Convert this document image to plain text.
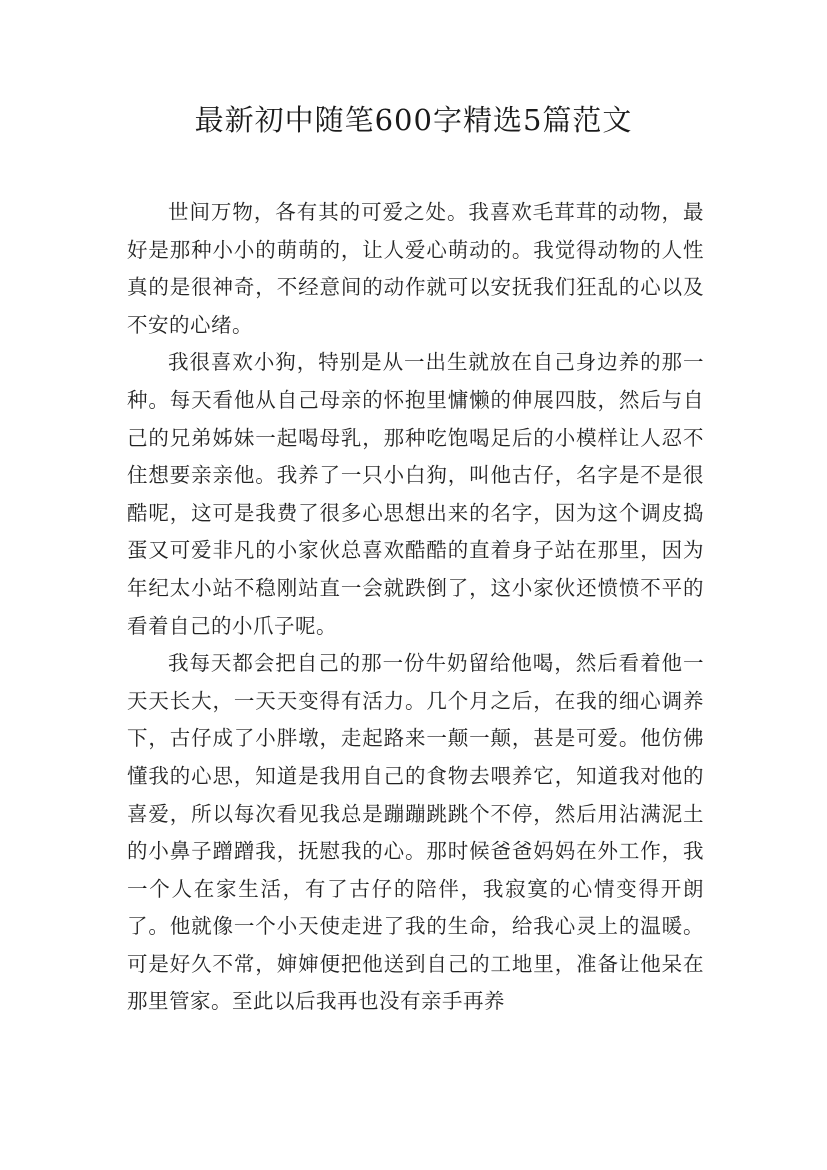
最新初中随笔600字精选5篇范文

世间万物，各有其的可爱之处。我喜欢毛茸茸的动物，最好是那种小小的萌萌的，让人爱心萌动的。我觉得动物的人性真的是很神奇，不经意间的动作就可以安抚我们狂乱的心以及不安的心绪。

我很喜欢小狗，特别是从一出生就放在自己身边养的那一种。每天看他从自己母亲的怀抱里慵懒的伸展四肢，然后与自己的兄弟姊妹一起喝母乳，那种吃饱喝足后的小模样让人忍不住想要亲亲他。我养了一只小白狗，叫他古仔，名字是不是很酷呢，这可是我费了很多心思想出来的名字，因为这个调皮捣蛋又可爱非凡的小家伙总喜欢酷酷的直着身子站在那里，因为年纪太小站不稳刚站直一会就跌倒了，这小家伙还愤愤不平的看着自己的小爪子呢。

我每天都会把自己的那一份牛奶留给他喝，然后看着他一天天长大，一天天变得有活力。几个月之后，在我的细心调养下，古仔成了小胖墩，走起路来一颠一颠，甚是可爱。他仿佛懂我的心思，知道是我用自己的食物去喂养它，知道我对他的喜爱，所以每次看见我总是蹦蹦跳跳个不停，然后用沾满泥土的小鼻子蹭蹭我，抚慰我的心。那时候爸爸妈妈在外工作，我一个人在家生活，有了古仔的陪伴，我寂寞的心情变得开朗了。他就像一个小天使走进了我的生命，给我心灵上的温暖。可是好久不常，婶婶便把他送到自己的工地里，准备让他呆在那里管家。至此以后我再也没有亲手再养
